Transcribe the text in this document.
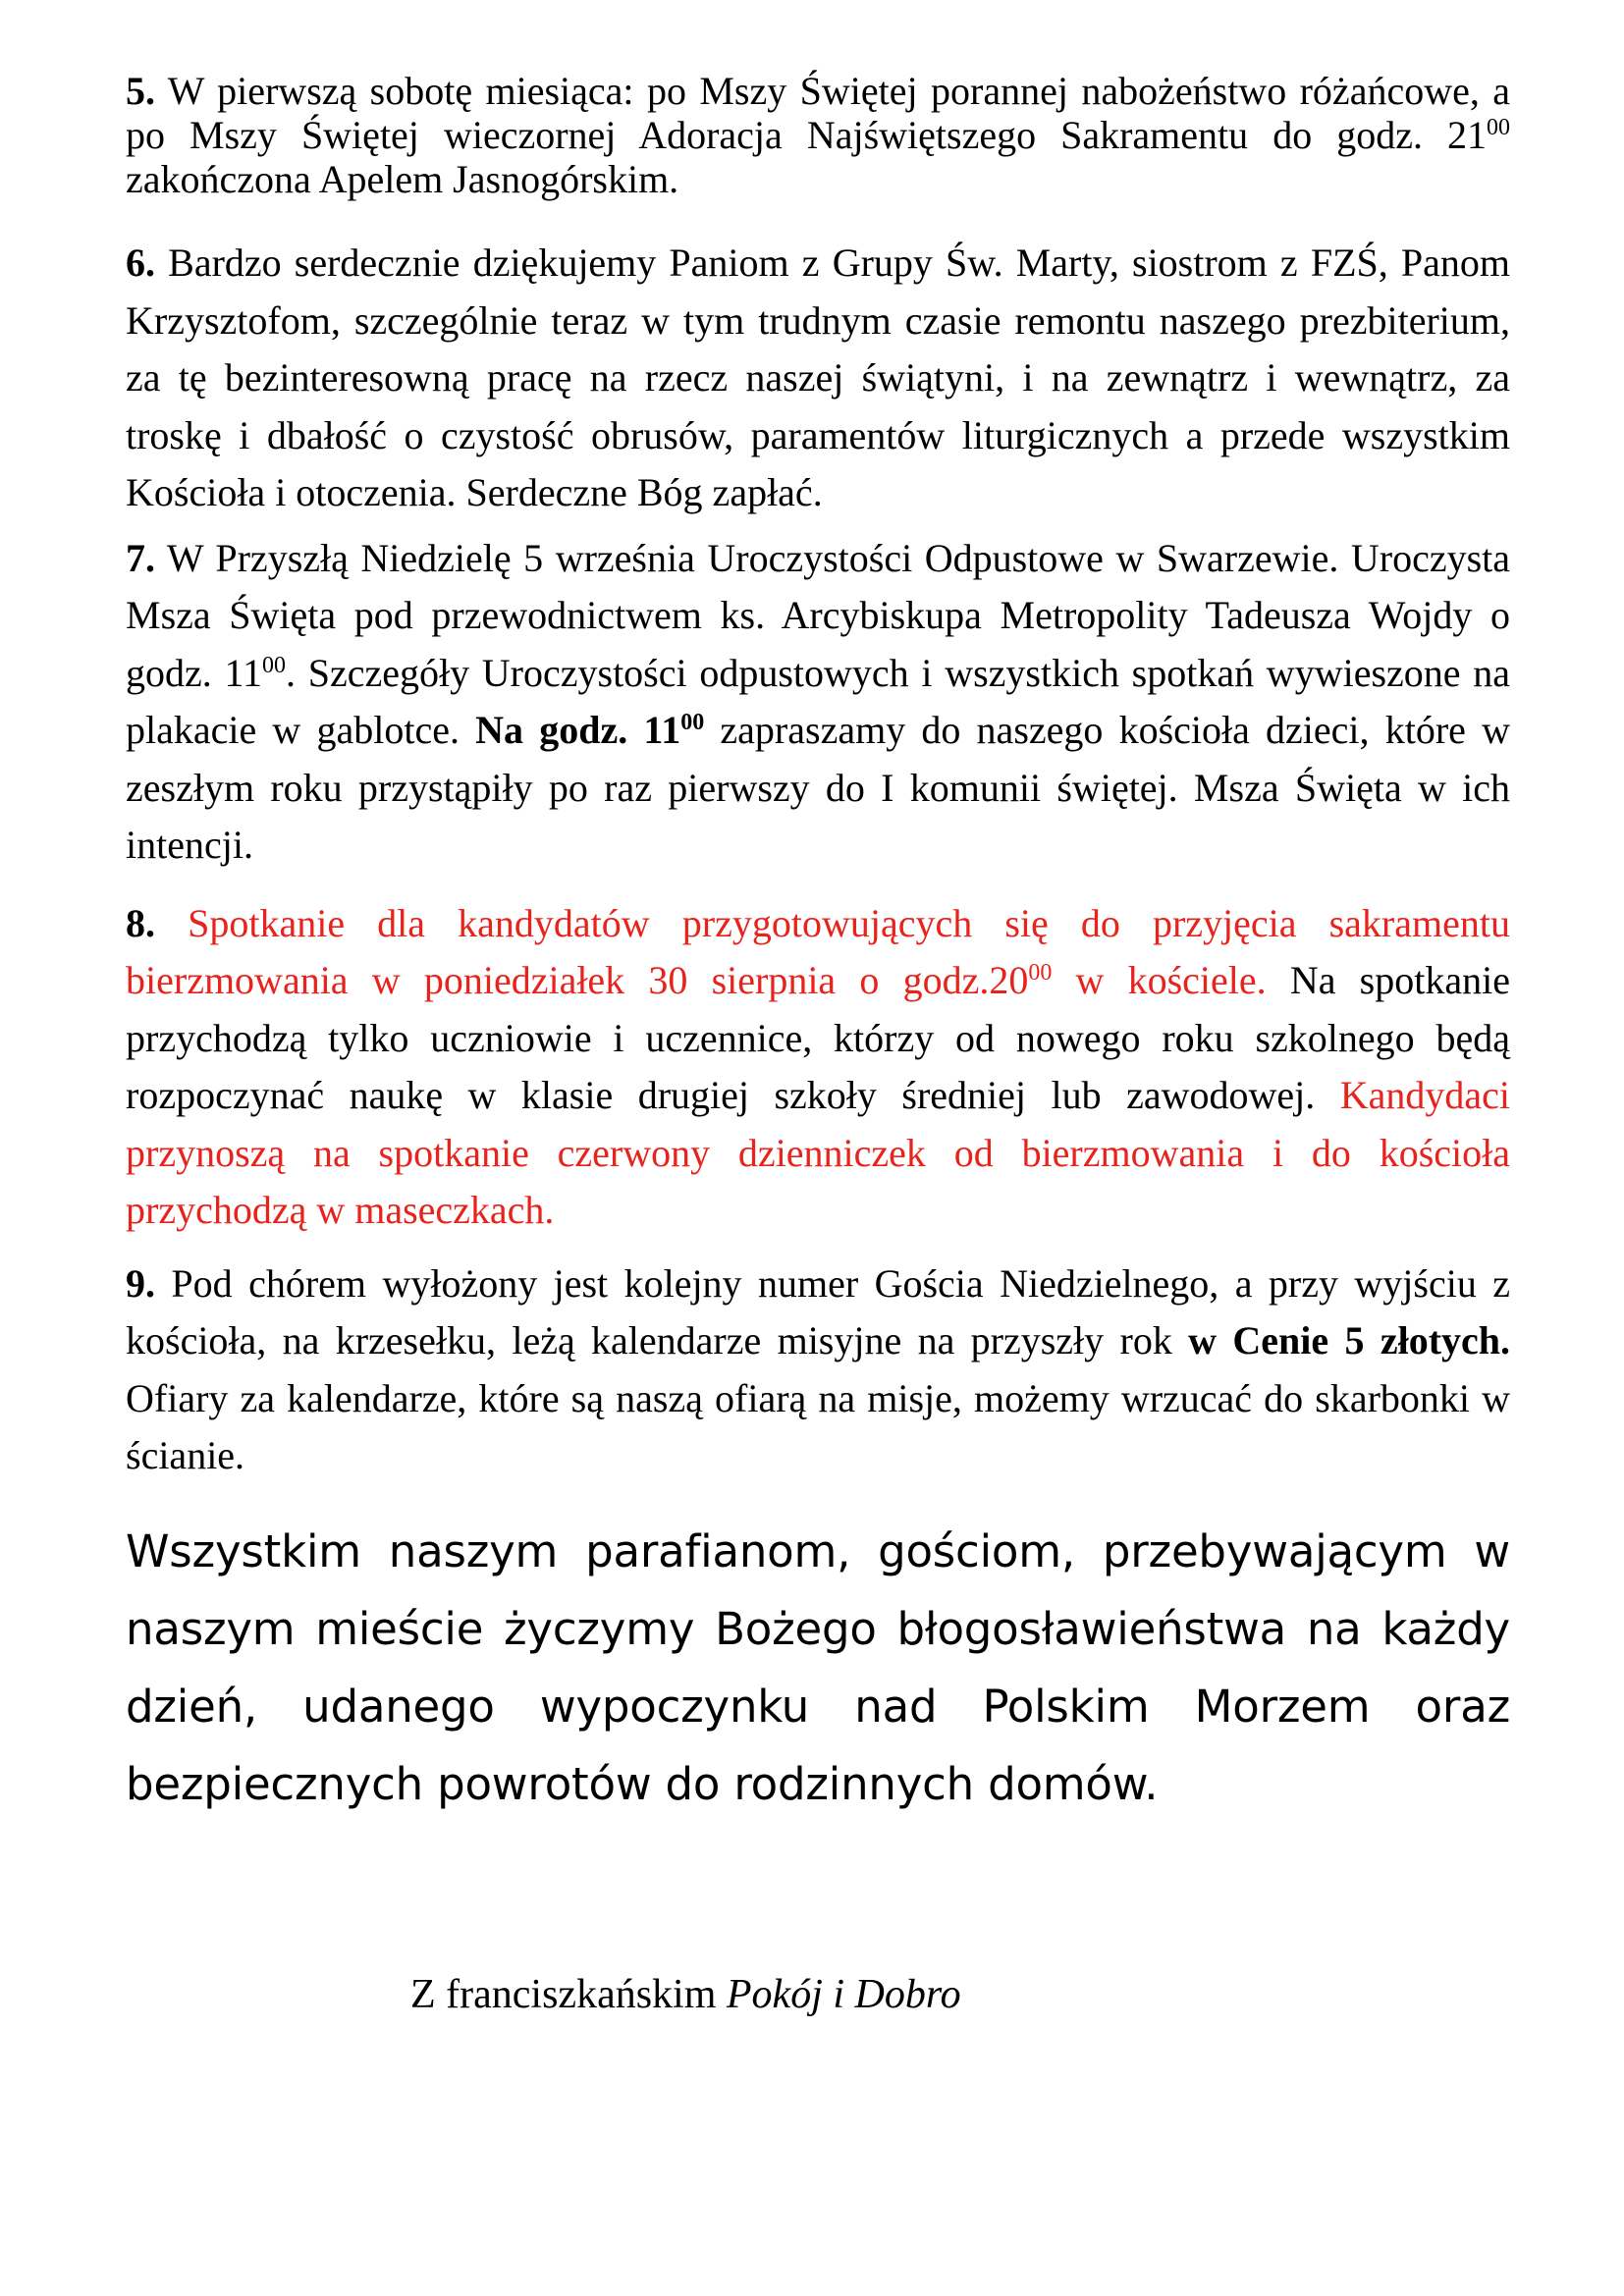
5. W pierwszą sobotę miesiąca: po Mszy Świętej porannej nabożeństwo różańcowe, a po Mszy Świętej wieczornej Adoracja Najświętszego Sakramentu do godz. $21^{00}$ zakończona Apelem Jasnogórskim.

6. Bardzo serdecznie dziękujemy Paniom z Grupy Św. Marty, siostrom z FZŚ, Panom Krzysztofom, szczególnie teraz w tym trudnym czasie remontu naszego prezbiterium, za tę bezinteresowną pracę na rzecz naszej świątyni, i na zewnątrz i wewnątrz, za troskę i dbałość o czystość obrusów, paramentów liturgicznych a przede wszystkim Kościoła i otoczenia. Serdeczne Bóg zapłać.

7. W Przyszłą Niedzielę 5 września Uroczystości Odpustowe w Swarzewie. Uroczysta Msza Święta pod przewodnictwem ks. Arcybiskupa Metropolity Tadeusza Wojdy o godz. $11^{00}$. Szczegóły Uroczystości odpustowych i wszystkich spotkań wywieszone na plakacie w gablotce. Na godz. $11^{00}$ zapraszamy do naszego kościoła dzieci, które w zeszłym roku przystąpiły po raz pierwszy do I komunii świętej. Msza Święta w ich intencji.

8. Spotkanie dla kandydatów przygotowujących się do przyjęcia sakramentu bierzmowania w poniedziałek 30 sierpnia o $godz.20^{00}$ w kościele. Na spotkanie przychodzą tylko uczniowie i uczennice, którzy od nowego roku szkolnego będą rozpoczynać naukę w klasie drugiej szkoły średniej lub zawodowej. Kandydaci przynoszą na spotkanie czerwony dzienniczek od bierzmowania i do kościoła przychodzą w maseczkach.

9. Pod chórem wyłożony jest kolejny numer Gościa Niedzielnego, a przy wyjściu z kościoła, na krzesełku, leżą kalendarze misyjne na przyszły rok w Cenie 5 złotych. Ofiary za kalendarze, które są naszą ofiarą na misje, możemy wrzucać do skarbonki w ścianie.

Wszystkim naszym parafianom, gościom, przebywającym w naszym mieście życzymy Bożego błogosławieństwa na każdy dzień, udanego wypoczynku nad Polskim Morzem oraz bezpiecznych powrotów do rodzinnych domów.

Z franciszkańskim Pokój i Dobro
